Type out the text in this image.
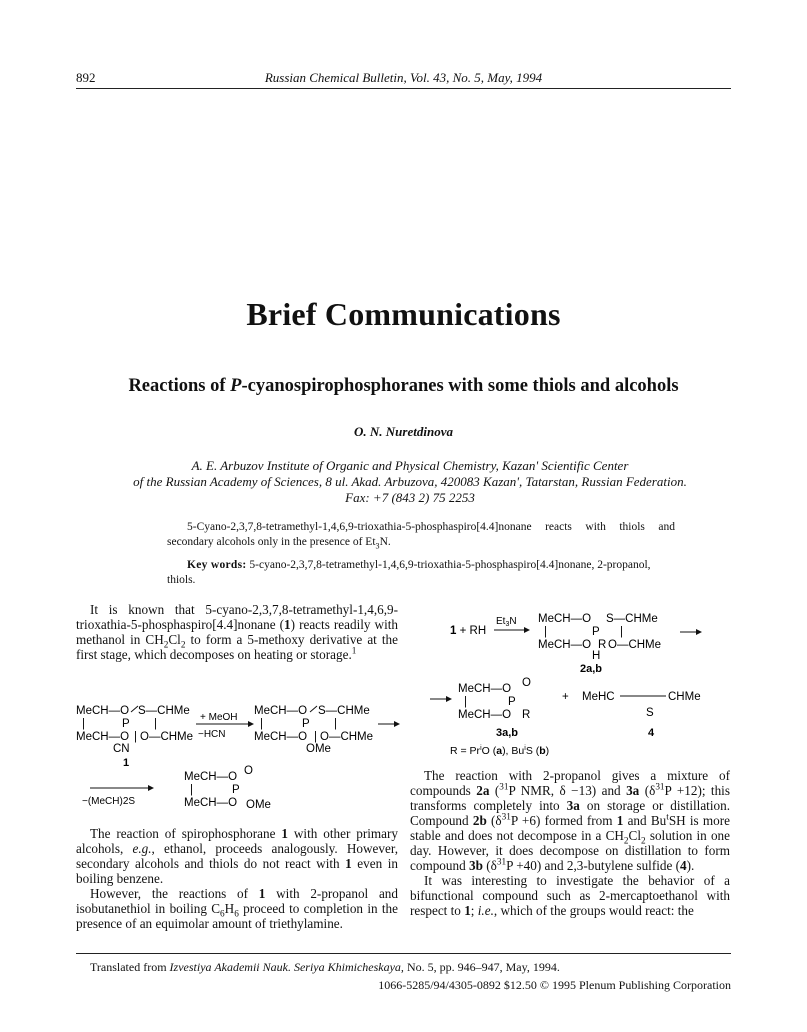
892	Russian Chemical Bulletin, Vol. 43, No. 5, May, 1994
Brief Communications
Reactions of P-cyanospirophosphoranes with some thiols and alcohols
O. N. Nuretdinova
A. E. Arbuzov Institute of Organic and Physical Chemistry, Kazan' Scientific Center
of the Russian Academy of Sciences, 8 ul. Akad. Arbuzova, 420083 Kazan', Tatarstan, Russian Federation.
Fax: +7 (843 2) 75 2253
5-Cyano-2,3,7,8-tetramethyl-1,4,6,9-trioxathia-5-phosphaspiro[4.4]nonane reacts with thiols and secondary alcohols only in the presence of $Et_3N$.
Key words: 5-cyano-2,3,7,8-tetramethyl-1,4,6,9-trioxathia-5-phosphaspiro[4.4]nonane, 2-propanol, thiols.

It is known that 5-cyano-2,3,7,8-tetramethyl-1,4,6,9-trioxathia-5-phosphaspiro[4.4]nonane (1) reacts readily with methanol in $CH_2Cl_2$ to form a 5-methoxy derivative at the first stage, which decomposes on heating or storage.$^1$

MeCH—O S—CHMe
|	P |
MeCH—O | O—CHMe
CN
1
+ MeOH
−HCN
MeCH—O S—CHMe
|	P |
MeCH—O | O—CHMe
OMe
−(MeCH)2S
MeCH—O O
|	P
MeCH—O OMe

The reaction of spirophosphorane 1 with other primary alcohols, e.g., ethanol, proceeds analogously. However, secondary alcohols and thiols do not react with 1 even in boiling benzene.

However, the reactions of 1 with 2-propanol and isobutanethiol in boiling $C_6H_6$ proceed to completion in the presence of an equimolar amount of triethylamine.

1 + RH
$Et_3N$ MeCH—O S—CHMe
|	P |
MeCH—O R O—CHMe
H
2a,b
MeCH—O O
|	P
MeCH—O R
3a,b
+ MeHC	CHMe
S
4
$R = Pr^iO$ (a), Bu$^i$S (b)

The reaction with 2-propanol gives a mixture of compounds 2a ($^{31}$P NMR, δ −13) and 3a $(\delta^{31}P +12)$; this transforms completely into 3a on storage or distillation. Compound 2b $(\delta^{31}P +6)$ formed from 1 and Bu$^t$SH is more stable and does not decompose in a $CH_2Cl_2$ solution in one day. However, it does decompose on distillation to form compound 3b $(\delta^{31}P +40)$ and 2,3-butylene sulfide (4).

It was interesting to investigate the behavior of a bifunctional compound such as 2-mercaptoethanol with respect to 1; i.e., which of the groups would react: the

Translated from Izvestiya Akademii Nauk. Seriya Khimicheskaya, No. 5, pp. 946–947, May, 1994.
1066-5285/94/4305-0892 $12.50 © 1995 Plenum Publishing Corporation
